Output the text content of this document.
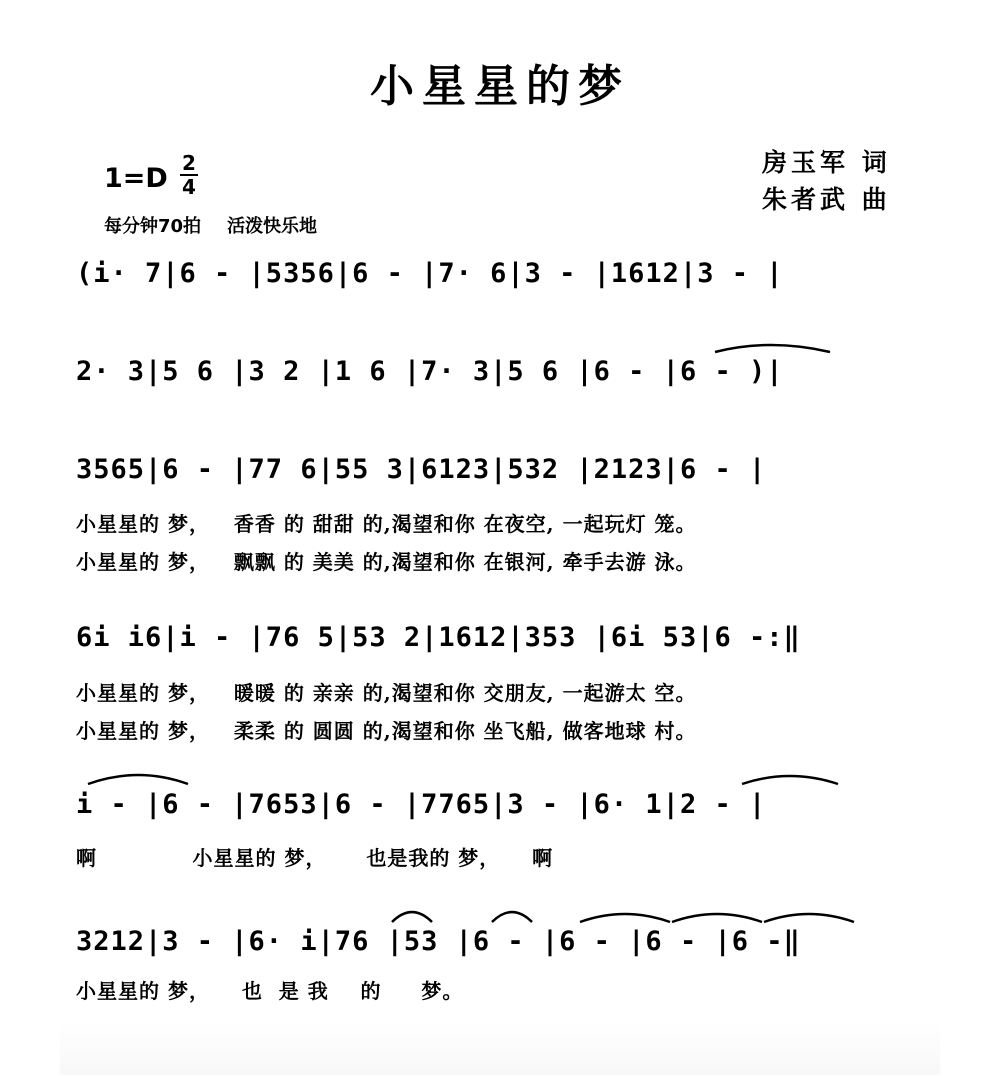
小星星的梦
房玉军 词
朱者武 曲
1=D 2
4
每分钟70拍 活泼快乐地
(i· 7|6 - |5356|6 - |7· 6|3 - |1612|3 - |
2· 3|5 6 |3 2 |1 6 |7· 3|5 6 |6 - |6 - )|
3565|6 - |77 6|55 3|6123|532 |2123|6 - |
小星星的 梦，   香香 的 甜甜 的,渴望和你 在夜空, 一起玩灯 笼。
小星星的 梦，   飘飘 的 美美 的,渴望和你 在银河, 牵手去游 泳。
6i i6|i - |76 5|53 2|1612|353 |6i 53|6 -:‖
小星星的 梦，   暖暖 的 亲亲 的,渴望和你 交朋友, 一起游太 空。
小星星的 梦，   柔柔 的 圆圆 的,渴望和你 坐飞船, 做客地球 村。
i - |6 - |7653|6 - |7765|3 - |6· 1|2 - |
啊            小星星的 梦，     也是我的 梦，    啊
3212|3 - |6· i|76 |53 |6 - |6 - |6 - |6 -‖
小星星的 梦，    也  是 我    的     梦。
